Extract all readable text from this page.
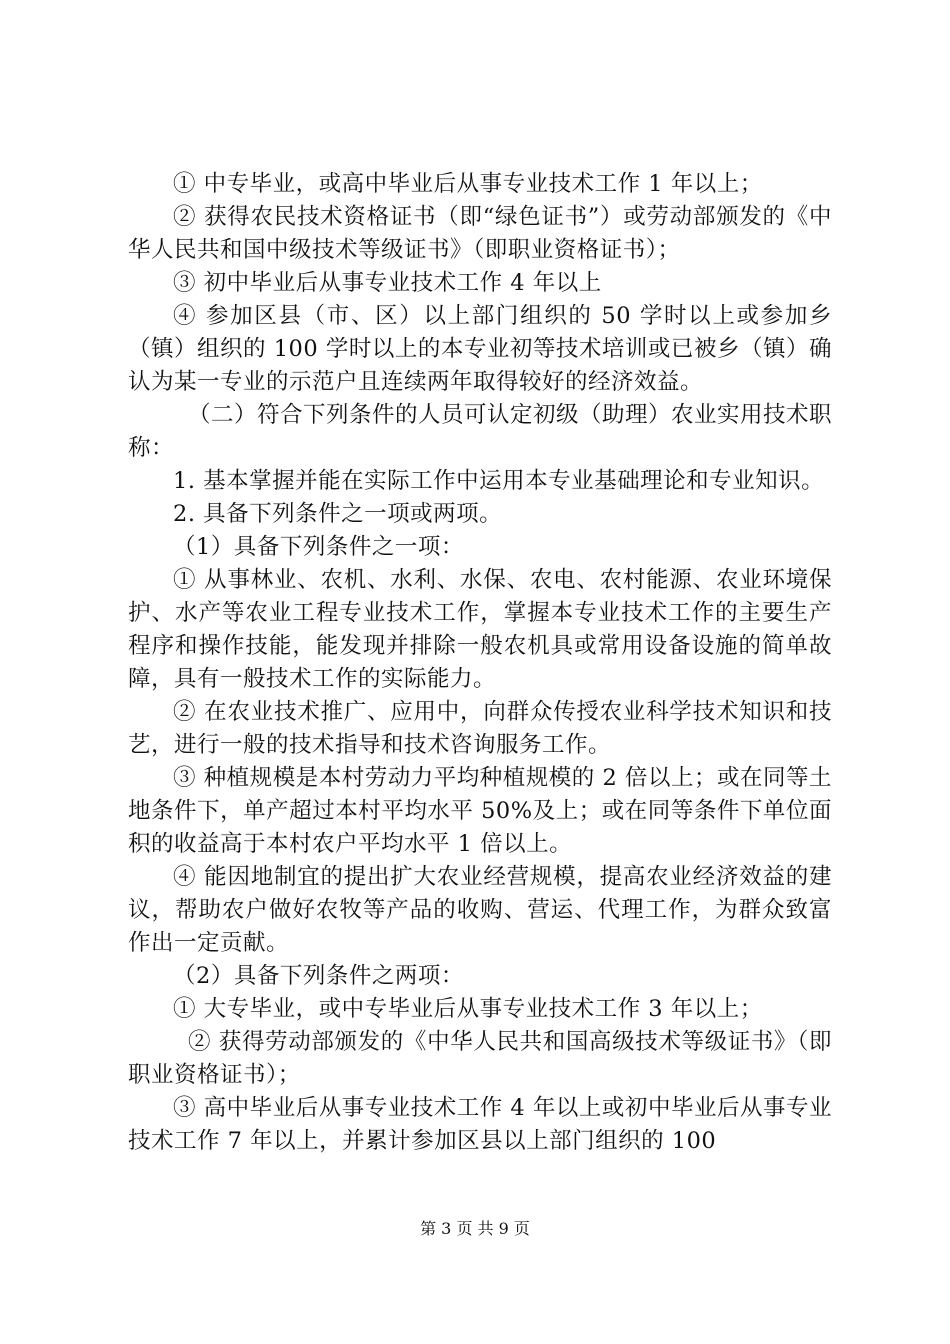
① 中专毕业，或高中毕业后从事专业技术工作 1 年以上；

② 获得农民技术资格证书（即“绿色证书”）或劳动部颁发的《中华人民共和国中级技术等级证书》（即职业资格证书）；

③ 初中毕业后从事专业技术工作 4 年以上

④ 参加区县（市、区）以上部门组织的 50 学时以上或参加乡（镇）组织的 100 学时以上的本专业初等技术培训或已被乡（镇）确认为某一专业的示范户且连续两年取得较好的经济效益。

（二）符合下列条件的人员可认定初级（助理）农业实用技术职称：

1. 基本掌握并能在实际工作中运用本专业基础理论和专业知识。

2. 具备下列条件之一项或两项。

（1）具备下列条件之一项：

① 从事林业、农机、水利、水保、农电、农村能源、农业环境保护、水产等农业工程专业技术工作，掌握本专业技术工作的主要生产程序和操作技能，能发现并排除一般农机具或常用设备设施的简单故障，具有一般技术工作的实际能力。

② 在农业技术推广、应用中，向群众传授农业科学技术知识和技艺，进行一般的技术指导和技术咨询服务工作。

③ 种植规模是本村劳动力平均种植规模的 2 倍以上；或在同等土地条件下，单产超过本村平均水平 50%及上；或在同等条件下单位面积的收益高于本村农户平均水平 1 倍以上。

④ 能因地制宜的提出扩大农业经营规模，提高农业经济效益的建议，帮助农户做好农牧等产品的收购、营运、代理工作，为群众致富作出一定贡献。

（2）具备下列条件之两项：

① 大专毕业，或中专毕业后从事专业技术工作 3 年以上；

② 获得劳动部颁发的《中华人民共和国高级技术等级证书》（即职业资格证书）；

③ 高中毕业后从事专业技术工作 4 年以上或初中毕业后从事专业技术工作 7 年以上，并累计参加区县以上部门组织的 100

第 3 页 共 9 页
